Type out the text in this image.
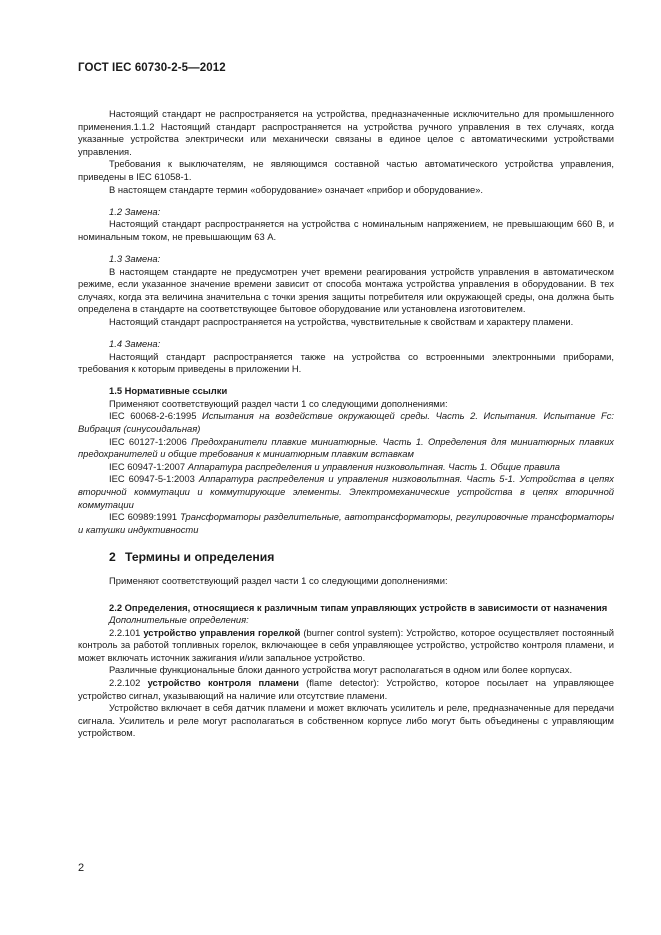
ГОСТ IEC 60730-2-5—2012

Настоящий стандарт не распространяется на устройства, предназначенные исключительно для промышленного применения.1.1.2 Настоящий стандарт распространяется на устройства ручного управления в тех случаях, когда указанные устройства электрически или механически связаны в единое целое с автоматическими устройствами управления.

Требования к выключателям, не являющимся составной частью автоматического устройства управления, приведены в IEC 61058-1.

В настоящем стандарте термин «оборудование» означает «прибор и оборудование».

1.2 Замена:

Настоящий стандарт распространяется на устройства с номинальным напряжением, не превышающим 660 В, и номинальным током, не превышающим 63 А.

1.3 Замена:

В настоящем стандарте не предусмотрен учет времени реагирования устройств управления в автоматическом режиме, если указанное значение времени зависит от способа монтажа устройства управления в оборудовании. В тех случаях, когда эта величина значительна с точки зрения защиты потребителя или окружающей среды, она должна быть определена в стандарте на соответствующее бытовое оборудование или установлена изготовителем.

Настоящий стандарт распространяется на устройства, чувствительные к свойствам и характеру пламени.

1.4 Замена:

Настоящий стандарт распространяется также на устройства со встроенными электронными приборами, требования к которым приведены в приложении Н.

1.5 Нормативные ссылки

Применяют соответствующий раздел части 1 со следующими дополнениями:

IEC 60068-2-6:1995 Испытания на воздействие окружающей среды. Часть 2. Испытания. Испытание Fc: Вибрация (синусоидальная)

IEC 60127-1:2006 Предохранители плавкие миниатюрные. Часть 1. Определения для миниатюрных плавких предохранителей и общие требования к миниатюрным плавким вставкам

IEC 60947-1:2007 Аппаратура распределения и управления низковольтная. Часть 1. Общие правила

IEC 60947-5-1:2003 Аппаратура распределения и управления низковольтная. Часть 5-1. Устройства в цепях вторичной коммутации и коммутирующие элементы. Электромеханические устройства в цепях вторичной коммутации

IEC 60989:1991 Трансформаторы разделительные, автотрансформаторы, регулировочные трансформаторы и катушки индуктивности

2 Термины и определения

Применяют соответствующий раздел части 1 со следующими дополнениями:

2.2 Определения, относящиеся к различным типам управляющих устройств в зависимости от назначения

Дополнительные определения:

2.2.101 устройство управления горелкой (burner control system): Устройство, которое осуществляет постоянный контроль за работой топливных горелок, включающее в себя управляющее устройство, устройство контроля пламени, и может включать источник зажигания и/или запальное устройство.

Различные функциональные блоки данного устройства могут располагаться в одном или более корпусах.

2.2.102 устройство контроля пламени (flame detector): Устройство, которое посылает на управляющее устройство сигнал, указывающий на наличие или отсутствие пламени.

Устройство включает в себя датчик пламени и может включать усилитель и реле, предназначенные для передачи сигнала. Усилитель и реле могут располагаться в собственном корпусе либо могут быть объединены с управляющим устройством.

2
